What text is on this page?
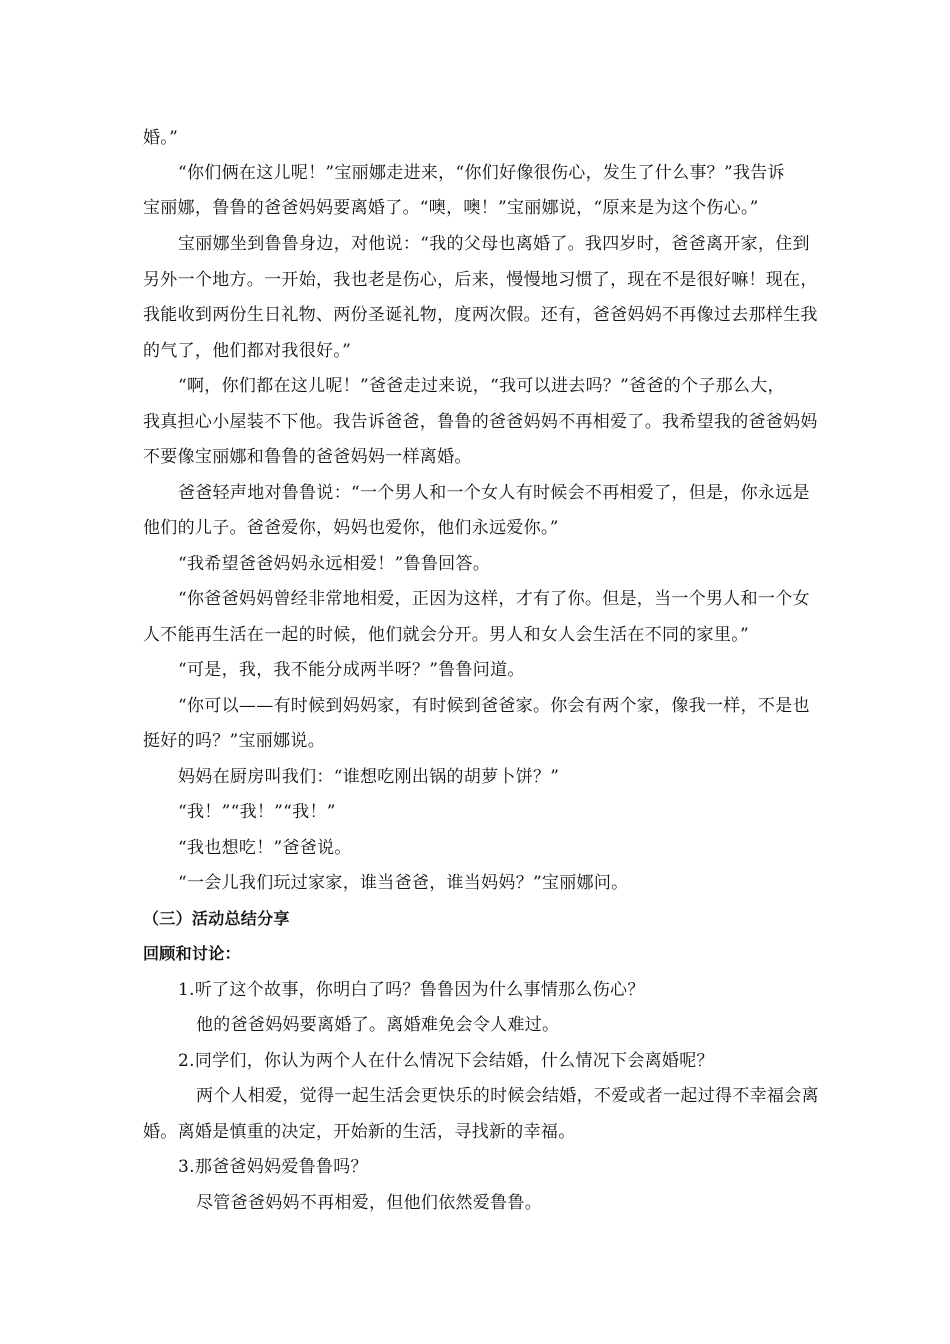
婚。”
“你们俩在这儿呢！”宝丽娜走进来，“你们好像很伤心，发生了什么事？”我告诉
宝丽娜，鲁鲁的爸爸妈妈要离婚了。“噢，噢！”宝丽娜说，“原来是为这个伤心。”
宝丽娜坐到鲁鲁身边，对他说：“我的父母也离婚了。我四岁时，爸爸离开家，住到
另外一个地方。一开始，我也老是伤心，后来，慢慢地习惯了，现在不是很好嘛！现在，
我能收到两份生日礼物、两份圣诞礼物，度两次假。还有，爸爸妈妈不再像过去那样生我
的气了，他们都对我很好。”
“啊，你们都在这儿呢！”爸爸走过来说，“我可以进去吗？”爸爸的个子那么大，
我真担心小屋装不下他。我告诉爸爸，鲁鲁的爸爸妈妈不再相爱了。我希望我的爸爸妈妈
不要像宝丽娜和鲁鲁的爸爸妈妈一样离婚。
爸爸轻声地对鲁鲁说：“一个男人和一个女人有时候会不再相爱了，但是，你永远是
他们的儿子。爸爸爱你，妈妈也爱你，他们永远爱你。”
“我希望爸爸妈妈永远相爱！”鲁鲁回答。
“你爸爸妈妈曾经非常地相爱，正因为这样，才有了你。但是，当一个男人和一个女
人不能再生活在一起的时候，他们就会分开。男人和女人会生活在不同的家里。”
“可是，我，我不能分成两半呀？”鲁鲁问道。
“你可以——有时候到妈妈家，有时候到爸爸家。你会有两个家，像我一样，不是也
挺好的吗？”宝丽娜说。
妈妈在厨房叫我们：“谁想吃刚出锅的胡萝卜饼？”
“我！”“我！”“我！”
“我也想吃！”爸爸说。
“一会儿我们玩过家家，谁当爸爸，谁当妈妈？”宝丽娜问。
（三）活动总结分享
回顾和讨论：
1.听了这个故事，你明白了吗？鲁鲁因为什么事情那么伤心？
他的爸爸妈妈要离婚了。离婚难免会令人难过。
2.同学们，你认为两个人在什么情况下会结婚，什么情况下会离婚呢？
两个人相爱，觉得一起生活会更快乐的时候会结婚，不爱或者一起过得不幸福会离
婚。离婚是慎重的决定，开始新的生活，寻找新的幸福。
3.那爸爸妈妈爱鲁鲁吗？
尽管爸爸妈妈不再相爱，但他们依然爱鲁鲁。
